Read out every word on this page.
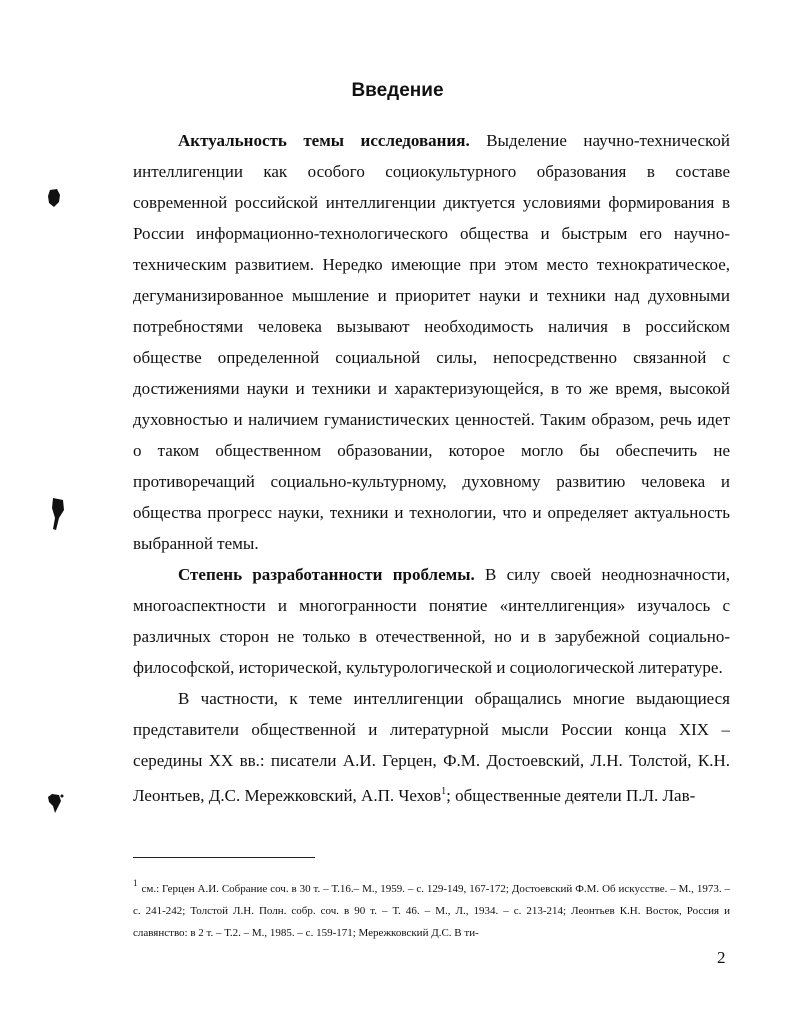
Введение

Актуальность темы исследования. Выделение научно-технической интеллигенции как особого социокультурного образования в составе современной российской интеллигенции диктуется условиями формирования в России информационно-технологического общества и быстрым его научно-техническим развитием. Нередко имеющие при этом место технократическое, дегуманизированное мышление и приоритет науки и техники над духовными потребностями человека вызывают необходимость наличия в российском обществе определенной социальной силы, непосредственно связанной с достижениями науки и техники и характеризующейся, в то же время, высокой духовностью и наличием гуманистических ценностей. Таким образом, речь идет о таком общественном образовании, которое могло бы обеспечить не противоречащий социально-культурному, духовному развитию человека и общества прогресс науки, техники и технологии, что и определяет актуальность выбранной темы.

Степень разработанности проблемы. В силу своей неоднозначности, многоаспектности и многогранности понятие «интеллигенция» изучалось с различных сторон не только в отечественной, но и в зарубежной социально-философской, исторической, культурологической и социологической литературе.

В частности, к теме интеллигенции обращались многие выдающиеся представители общественной и литературной мысли России конца XIX – середины XX вв.: писатели А.И. Герцен, Ф.М. Достоевский, Л.Н. Толстой, К.Н. Леонтьев, Д.С. Мережковский, А.П. Чехов$^1$; общественные деятели П.Л. Лав-

$^1$ см.: Герцен А.И. Собрание соч. в 30 т. – Т.16.– М., 1959. – с. 129-149, 167-172; Достоевский Ф.М. Об искусстве. – М., 1973. – с. 241-242; Толстой Л.Н. Полн. собр. соч. в 90 т. – Т. 46. – М., Л., 1934. – с. 213-214; Леонтьев К.Н. Восток, Россия и славянство: в 2 т. – Т.2. – М., 1985. – с. 159-171; Мережковский Д.С. В ти-
2
